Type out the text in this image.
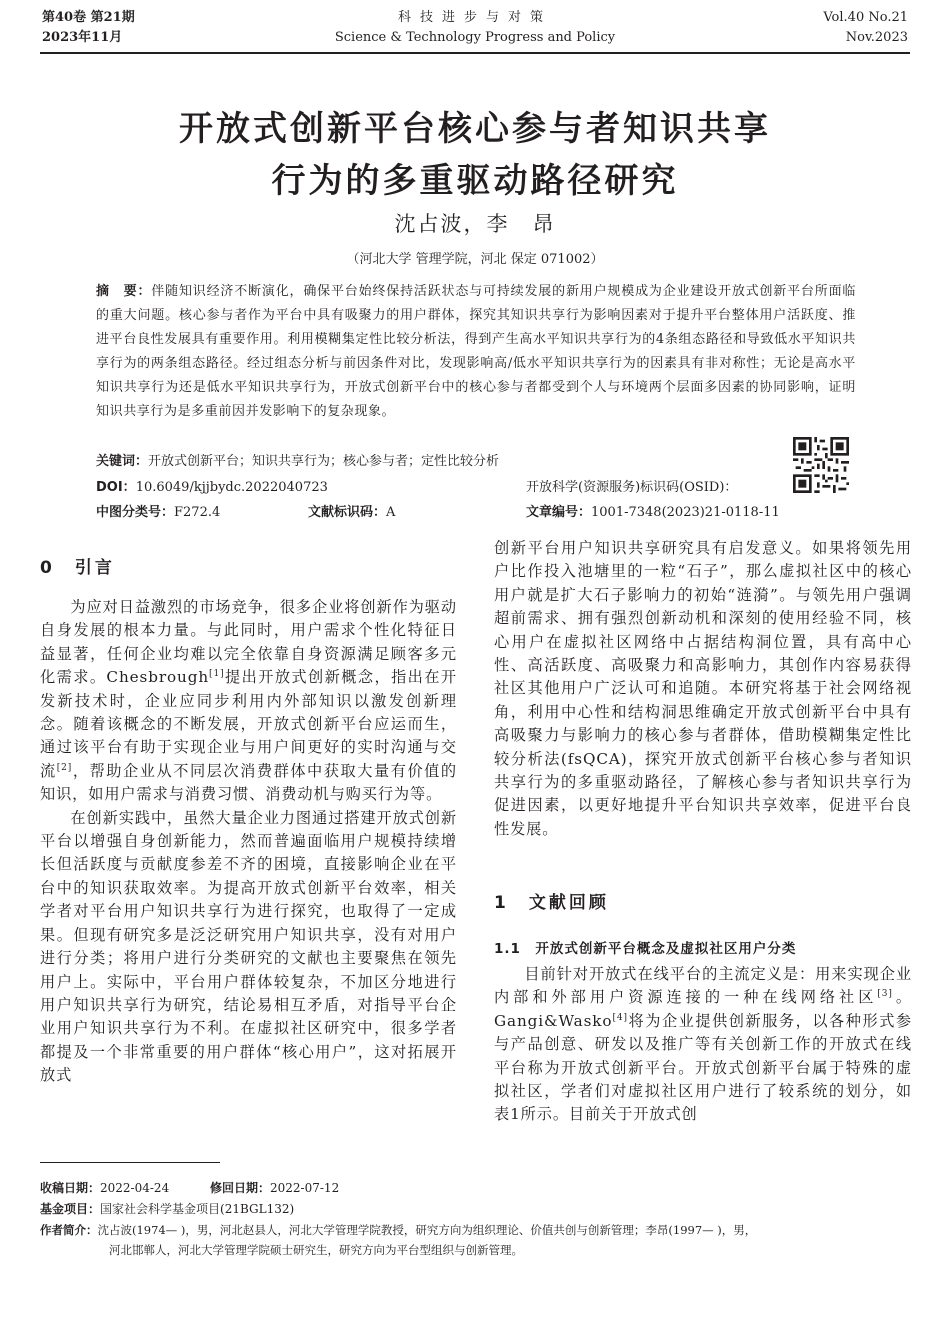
第40卷 第21期
2023年11月
科技进步与对策
Science & Technology Progress and Policy
Vol.40 No.21
Nov.2023
开放式创新平台核心参与者知识共享
行为的多重驱动路径研究
沈占波，李　昂
（河北大学 管理学院，河北 保定 071002）
摘　要：伴随知识经济不断演化，确保平台始终保持活跃状态与可持续发展的新用户规模成为企业建设开放式创新平台所面临的重大问题。核心参与者作为平台中具有吸聚力的用户群体，探究其知识共享行为影响因素对于提升平台整体用户活跃度、推进平台良性发展具有重要作用。利用模糊集定性比较分析法，得到产生高水平知识共享行为的4条组态路径和导致低水平知识共享行为的两条组态路径。经过组态分析与前因条件对比，发现影响高/低水平知识共享行为的因素具有非对称性；无论是高水平知识共享行为还是低水平知识共享行为，开放式创新平台中的核心参与者都受到个人与环境两个层面多因素的协同影响，证明知识共享行为是多重前因并发影响下的复杂现象。
关键词：开放式创新平台；知识共享行为；核心参与者；定性比较分析
DOI：10.6049/kjjbydc.2022040723	开放科学(资源服务)标识码(OSID)：
中图分类号：F272.4	文献标识码：A	文章编号：1001-7348(2023)21-0118-11
0　 引言

为应对日益激烈的市场竞争，很多企业将创新作为驱动自身发展的根本力量。与此同时，用户需求个性化特征日益显著，任何企业均难以完全依靠自身资源满足顾客多元化需求。Chesbrough[1]提出开放式创新概念，指出在开发新技术时，企业应同步利用内外部知识以激发创新理念。随着该概念的不断发展，开放式创新平台应运而生，通过该平台有助于实现企业与用户间更好的实时沟通与交流[2]，帮助企业从不同层次消费群体中获取大量有价值的知识，如用户需求与消费习惯、消费动机与购买行为等。

在创新实践中，虽然大量企业力图通过搭建开放式创新平台以增强自身创新能力，然而普遍面临用户规模持续增长但活跃度与贡献度参差不齐的困境，直接影响企业在平台中的知识获取效率。为提高开放式创新平台效率，相关学者对平台用户知识共享行为进行探究，也取得了一定成果。但现有研究多是泛泛研究用户知识共享，没有对用户进行分类；将用户进行分类研究的文献也主要聚焦在领先用户上。实际中，平台用户群体较复杂，不加区分地进行用户知识共享行为研究，结论易相互矛盾，对指导平台企业用户知识共享行为不利。在虚拟社区研究中，很多学者都提及一个非常重要的用户群体“核心用户”，这对拓展开放式

创新平台用户知识共享研究具有启发意义。如果将领先用户比作投入池塘里的一粒“石子”，那么虚拟社区中的核心用户就是扩大石子影响力的初始“涟漪”。与领先用户强调超前需求、拥有强烈创新动机和深刻的使用经验不同，核心用户在虚拟社区网络中占据结构洞位置，具有高中心性、高活跃度、高吸聚力和高影响力，其创作内容易获得社区其他用户广泛认可和追随。本研究将基于社会网络视角，利用中心性和结构洞思维确定开放式创新平台中具有高吸聚力与影响力的核心参与者群体，借助模糊集定性比较分析法(fsQCA)，探究开放式创新平台核心参与者知识共享行为的多重驱动路径，了解核心参与者知识共享行为促进因素，以更好地提升平台知识共享效率，促进平台良性发展。

1　 文献回顾
1.1　 开放式创新平台概念及虚拟社区用户分类

目前针对开放式在线平台的主流定义是：用来实现企业内部和外部用户资源连接的一种在线网络社区[3]。Gangi&Wasko[4]将为企业提供创新服务，以各种形式参与产品创意、研发以及推广等有关创新工作的开放式在线平台称为开放式创新平台。开放式创新平台属于特殊的虚拟社区，学者们对虚拟社区用户进行了较系统的划分，如表1所示。目前关于开放式创

收稿日期：2022-04-24	修回日期：2022-07-12
基金项目：国家社会科学基金项目(21BGL132)
作者简介：沈占波(1974— )，男，河北赵县人，河北大学管理学院教授，研究方向为组织理论、价值共创与创新管理；李昂(1997— )，男，
河北邯郸人，河北大学管理学院硕士研究生，研究方向为平台型组织与创新管理。
